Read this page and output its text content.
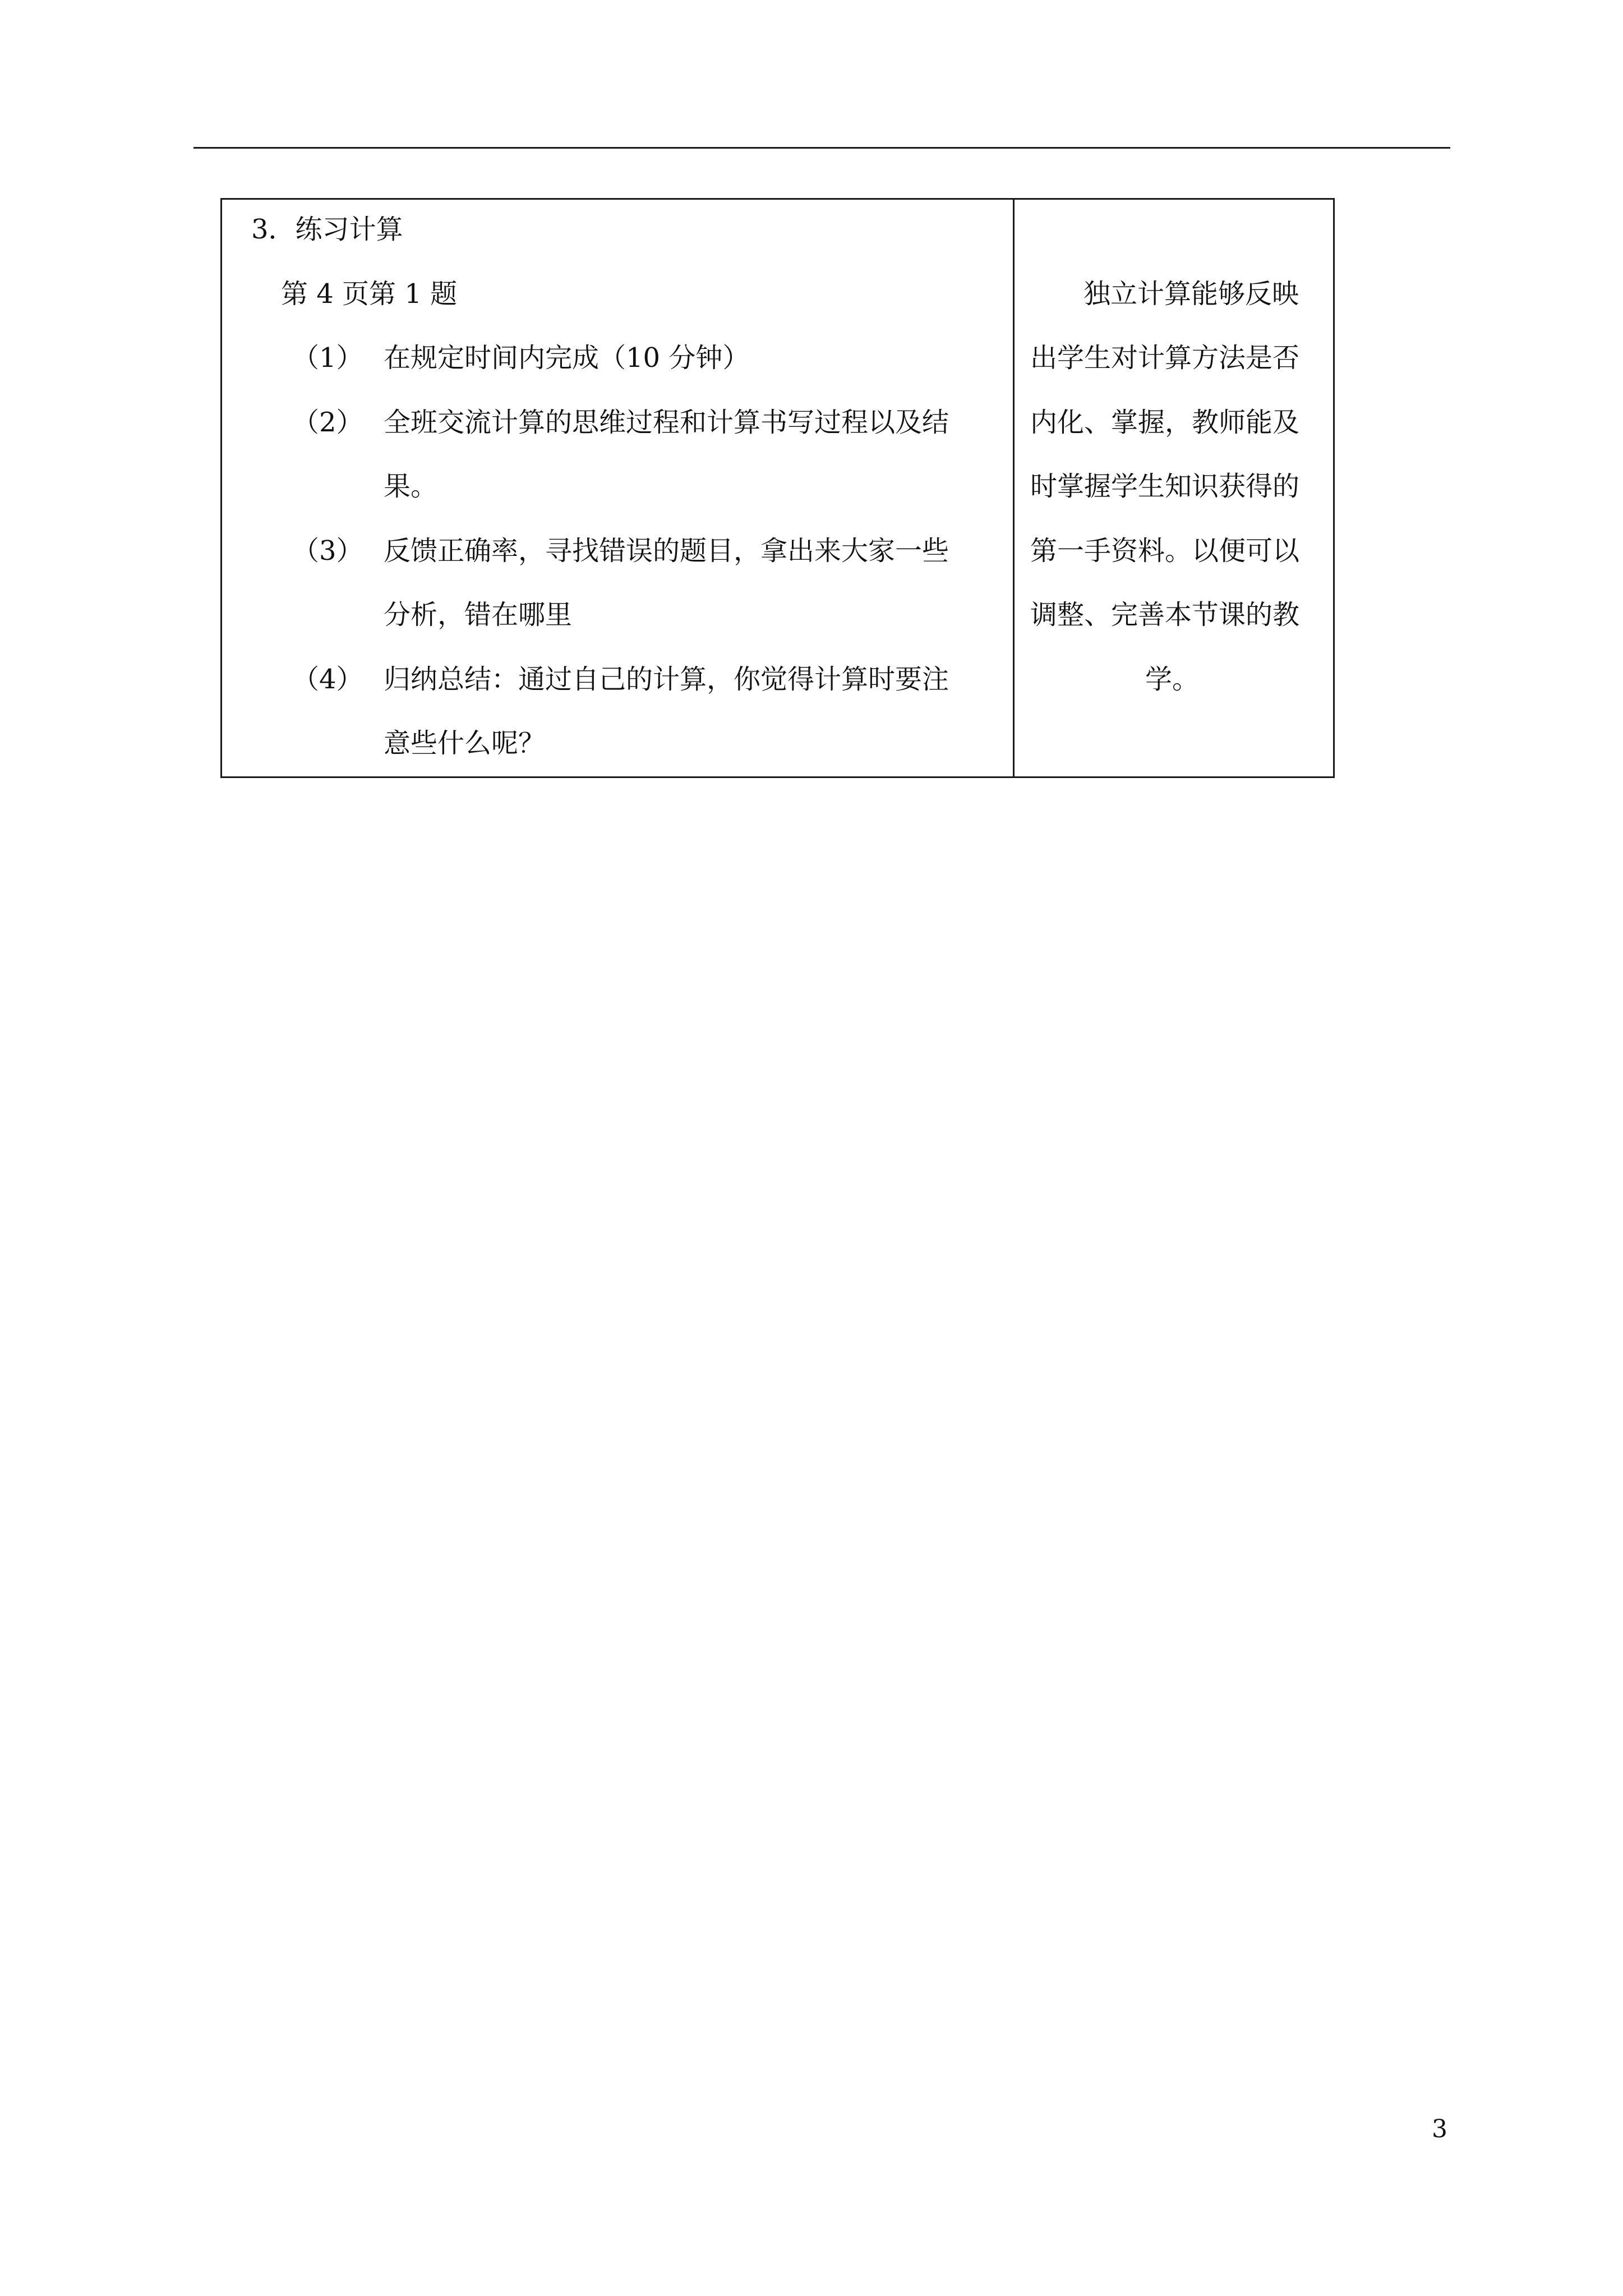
3．练习计算
第 4 页第 1 题
（1） 在规定时间内完成（10 分钟）
（2） 全班交流计算的思维过程和计算书写过程以及结
果。
（3） 反馈正确率，寻找错误的题目，拿出来大家一些
分析，错在哪里
（4） 归纳总结：通过自己的计算，你觉得计算时要注
意些什么呢？
独立计算能够反映
出学生对计算方法是否
内化、掌握，教师能及
时掌握学生知识获得的
第一手资料。以便可以
调整、完善本节课的教
学。
3
